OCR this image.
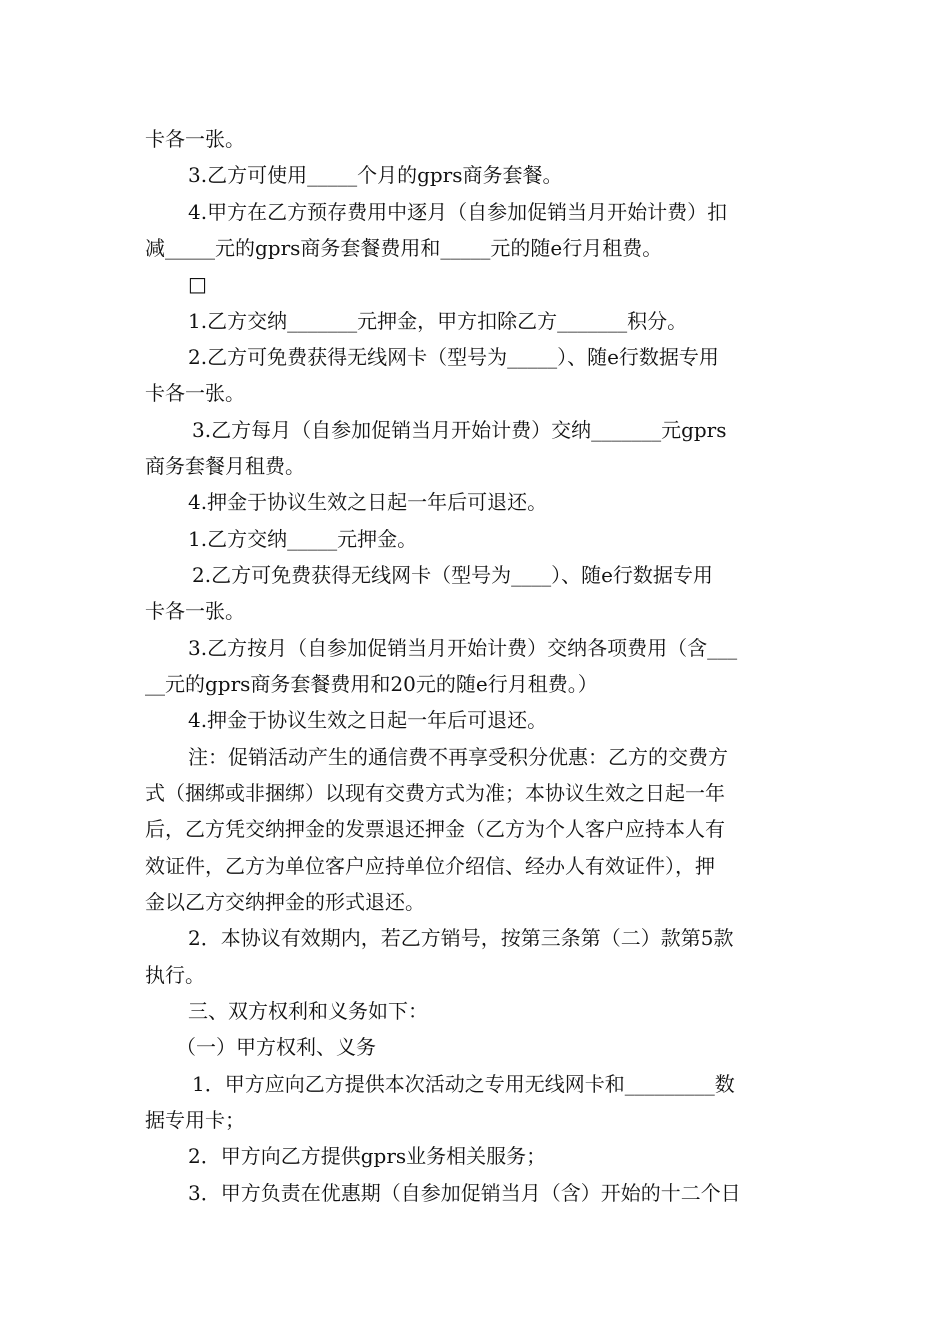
卡各一张。
3.乙方可使用_____个月的gprs商务套餐。
4.甲方在乙方预存费用中逐月（自参加促销当月开始计费）扣
减_____元的gprs商务套餐费用和_____元的随e行月租费。
□
1.乙方交纳_______元押金，甲方扣除乙方_______积分。
2.乙方可免费获得无线网卡（型号为_____）、随e行数据专用
卡各一张。
3.乙方每月（自参加促销当月开始计费）交纳_______元gprs
商务套餐月租费。
4.押金于协议生效之日起一年后可退还。
1.乙方交纳_____元押金。
2.乙方可免费获得无线网卡（型号为____）、随e行数据专用
卡各一张。
3.乙方按月（自参加促销当月开始计费）交纳各项费用（含___
__元的gprs商务套餐费用和20元的随e行月租费。）
4.押金于协议生效之日起一年后可退还。
注：促销活动产生的通信费不再享受积分优惠：乙方的交费方
式（捆绑或非捆绑）以现有交费方式为准；本协议生效之日起一年
后，乙方凭交纳押金的发票退还押金（乙方为个人客户应持本人有
效证件，乙方为单位客户应持单位介绍信、经办人有效证件），押
金以乙方交纳押金的形式退还。
2．本协议有效期内，若乙方销号，按第三条第（二）款第5款
执行。
三、双方权利和义务如下：
（一）甲方权利、义务
1．甲方应向乙方提供本次活动之专用无线网卡和_________数
据专用卡；
2．甲方向乙方提供gprs业务相关服务；
3．甲方负责在优惠期（自参加促销当月（含）开始的十二个日
